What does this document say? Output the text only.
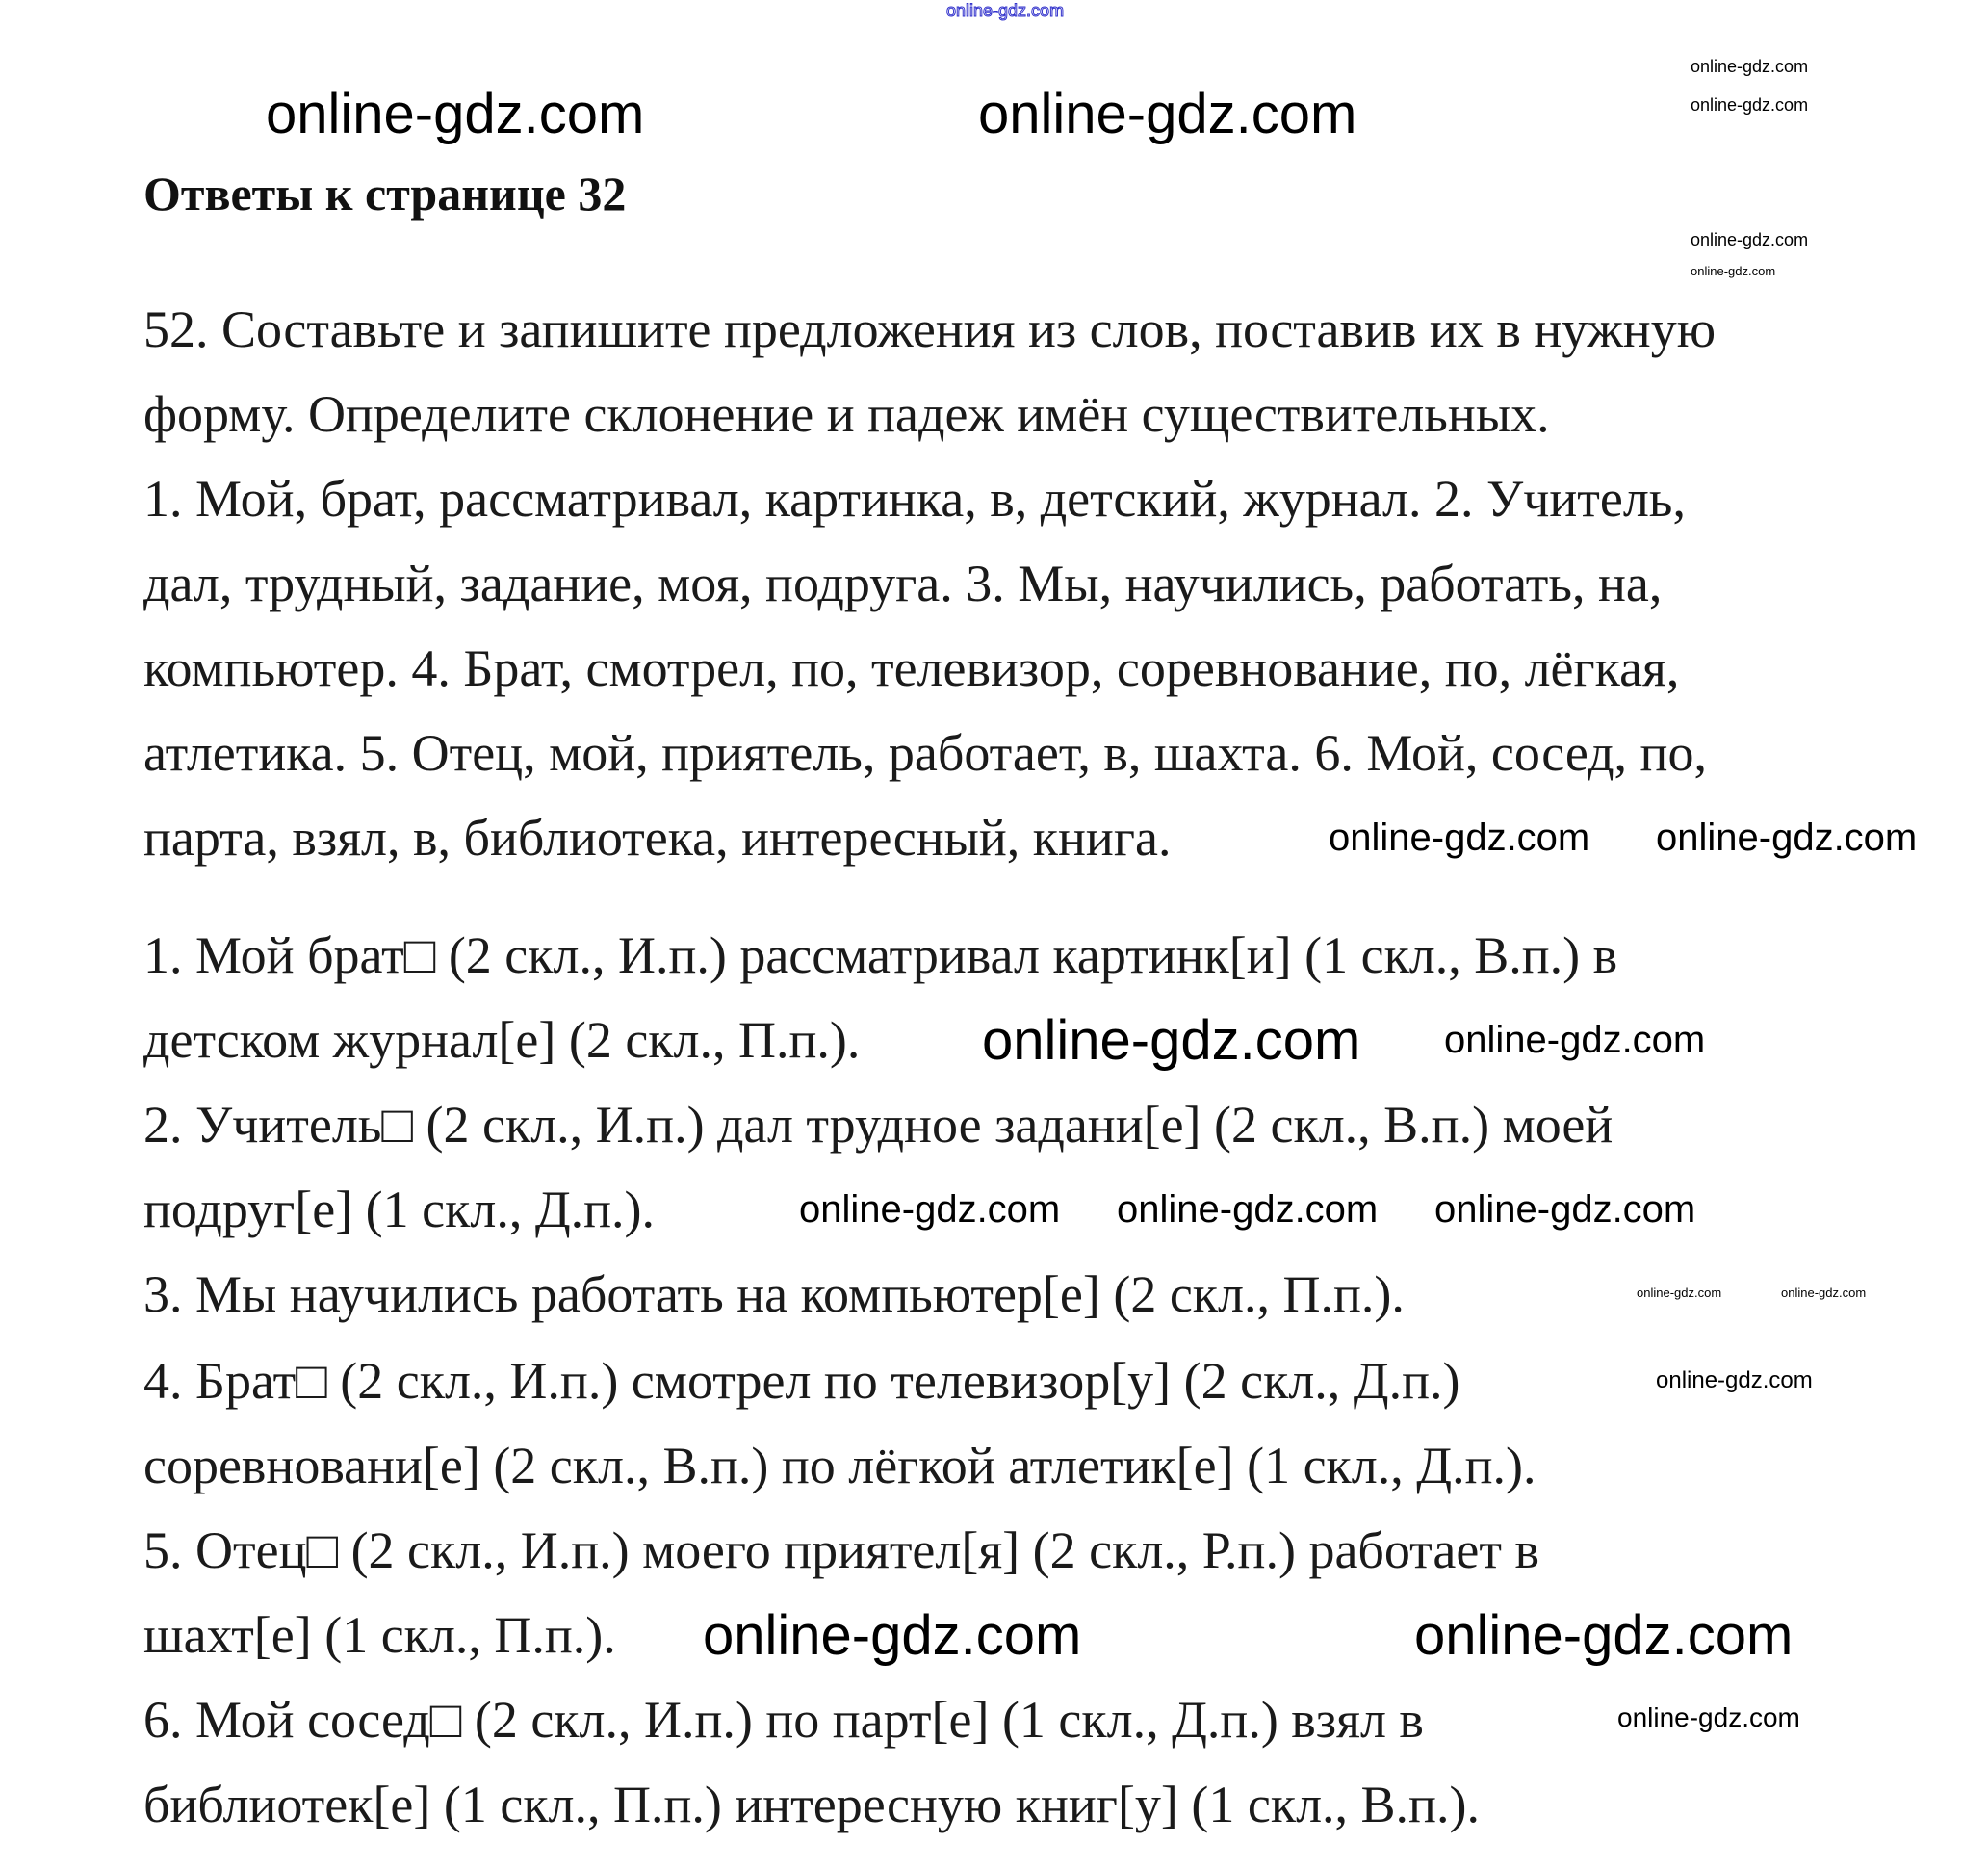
online-gdz.com
Ответы к странице 32
52. Составьте и запишите предложения из слов, поставив их в нужную
форму. Определите склонение и падеж имён существительных.
1. Мой, брат, рассматривал, картинка, в, детский, журнал. 2. Учитель,
дал, трудный, задание, моя, подруга. 3. Мы, научились, работать, на,
компьютер. 4. Брат, смотрел, по, телевизор, соревнование, по, лёгкая,
атлетика. 5. Отец, мой, приятель, работает, в, шахта. 6. Мой, сосед, по,
парта, взял, в, библиотека, интересный, книга.
1. Мой брат□ (2 скл., И.п.) рассматривал картинк[и] (1 скл., В.п.) в
детском журнал[е] (2 скл., П.п.).
2. Учитель□ (2 скл., И.п.) дал трудное задани[е] (2 скл., В.п.) моей
подруг[е] (1 скл., Д.п.).
3. Мы научились работать на компьютер[е] (2 скл., П.п.).
4. Брат□ (2 скл., И.п.) смотрел по телевизор[у] (2 скл., Д.п.)
соревновани[е] (2 скл., В.п.) по лёгкой атлетик[е] (1 скл., Д.п.).
5. Отец□ (2 скл., И.п.) моего приятел[я] (2 скл., Р.п.) работает в
шахт[е] (1 скл., П.п.).
6. Мой сосед□ (2 скл., И.п.) по парт[е] (1 скл., Д.п.) взял в
библиотек[е] (1 скл., П.п.) интересную книг[у] (1 скл., В.п.).
online-gdz.com	online-gdz.com
online-gdz.com
online-gdz.com
online-gdz.com
online-gdz.com
online-gdz.com online-gdz.com
online-gdz.com online-gdz.com
online-gdz.com online-gdz.com online-gdz.com
online-gdz.com	online-gdz.com
online-gdz.com
online-gdz.com	online-gdz.com
online-gdz.com
